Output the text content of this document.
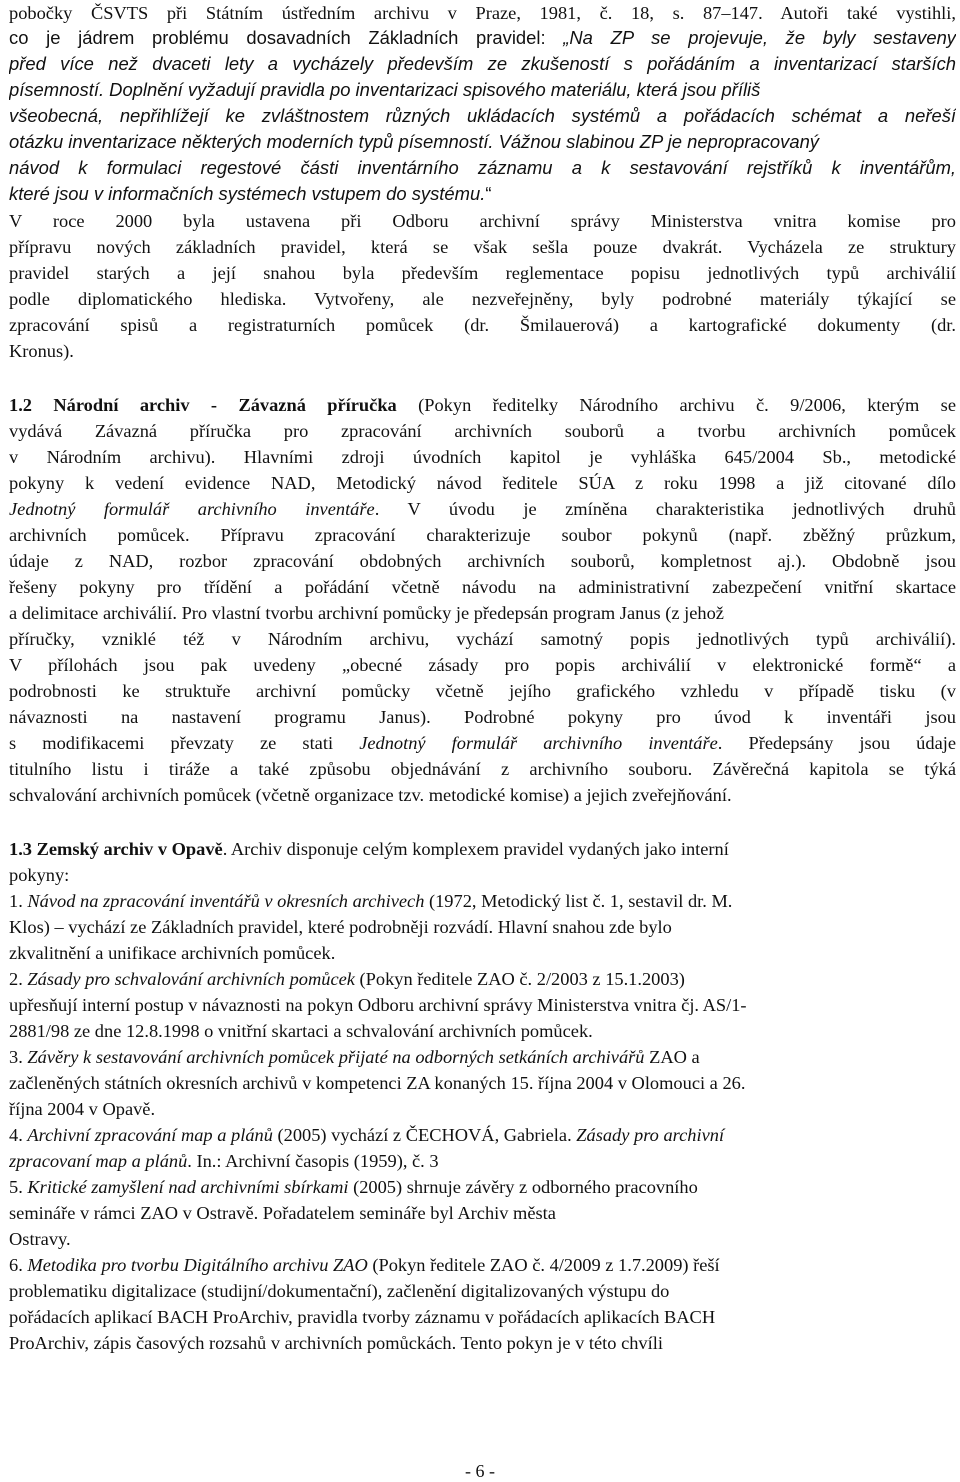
pobočky ČSVTS při Státním ústředním archivu v Praze, 1981, č. 18, s. 87–147. Autoři také vystihli,
co je jádrem problému dosavadních Základních pravidel: „Na ZP se projevuje, že byly sestaveny
před více než dvaceti lety a vycházely především ze zkušeností s pořádáním a inventarizací starších
písemností. Doplnění vyžadují pravidla po inventarizaci spisového materiálu, která jsou příliš
všeobecná, nepřihlížejí ke zvláštnostem různých ukládacích systémů a pořádacích schémat a neřeší
otázku inventarizace některých moderních typů písemností. Vážnou slabinou ZP je nepropracovaný
návod k formulaci regestové části inventárního záznamu a k sestavování rejstříků k inventářům,
které jsou v informačních systémech vstupem do systému.“
V roce 2000 byla ustavena při Odboru archivní správy Ministerstva vnitra komise pro
přípravu nových základních pravidel, která se však sešla pouze dvakrát. Vycházela ze struktury
pravidel starých a její snahou byla především reglementace popisu jednotlivých typů archiválií
podle diplomatického hlediska. Vytvořeny, ale nezveřejněny, byly podrobné materiály týkající se
zpracování spisů a registraturních pomůcek (dr. Šmilauerová) a kartografické dokumenty (dr.
Kronus).
1.2 Národní archiv - Závazná příručka (Pokyn ředitelky Národního archivu č. 9/2006, kterým se
vydává Závazná příručka pro zpracování archivních souborů a tvorbu archivních pomůcek
v Národním archivu). Hlavními zdroji úvodních kapitol je vyhláška 645/2004 Sb., metodické
pokyny k vedení evidence NAD, Metodický návod ředitele SÚA z roku 1998 a již citované dílo
Jednotný formulář archivního inventáře. V úvodu je zmíněna charakteristika jednotlivých druhů
archivních pomůcek. Přípravu zpracování charakterizuje soubor pokynů (např. zběžný průzkum,
údaje z NAD, rozbor zpracování obdobných archivních souborů, kompletnost aj.). Obdobně jsou
řešeny pokyny pro třídění a pořádání včetně návodu na administrativní zabezpečení vnitřní skartace
a delimitace archiválií. Pro vlastní tvorbu archivní pomůcky je předepsán program Janus (z jehož
příručky, vzniklé též v Národním archivu, vychází samotný popis jednotlivých typů archiválií).
V přílohách jsou pak uvedeny „obecné zásady pro popis archiválií v elektronické formě“ a
podrobnosti ke struktuře archivní pomůcky včetně jejího grafického vzhledu v případě tisku (v
návaznosti na nastavení programu Janus). Podrobné pokyny pro úvod k inventáři jsou
s modifikacemi převzaty ze stati Jednotný formulář archivního inventáře. Předepsány jsou údaje
titulního listu i tiráže a také způsobu objednávání z archivního souboru. Závěrečná kapitola se týká
schvalování archivních pomůcek (včetně organizace tzv. metodické komise) a jejich zveřejňování.
1.3 Zemský archiv v Opavě. Archiv disponuje celým komplexem pravidel vydaných jako interní
pokyny:
1. Návod na zpracování inventářů v okresních archivech (1972, Metodický list č. 1, sestavil dr. M.
Klos) – vychází ze Základních pravidel, které podrobněji rozvádí. Hlavní snahou zde bylo
zkvalitnění a unifikace archivních pomůcek.
2. Zásady pro schvalování archivních pomůcek (Pokyn ředitele ZAO č. 2/2003 z 15.1.2003)
upřesňují interní postup v návaznosti na pokyn Odboru archivní správy Ministerstva vnitra čj. AS/1-
2881/98 ze dne 12.8.1998 o vnitřní skartaci a schvalování archivních pomůcek.
3. Závěry k sestavování archivních pomůcek přijaté na odborných setkáních archivářů ZAO a
začleněných státních okresních archivů v kompetenci ZA konaných 15. října 2004 v Olomouci a 26.
října 2004 v Opavě.
4. Archivní zpracování map a plánů (2005) vychází z ČECHOVÁ, Gabriela. Zásady pro archivní
zpracovaní map a plánů. In.: Archivní časopis (1959), č. 3
5. Kritické zamyšlení nad archivními sbírkami (2005) shrnuje závěry z odborného pracovního
semináře v rámci ZAO v Ostravě. Pořadatelem semináře byl Archiv města
Ostravy.
6. Metodika pro tvorbu Digitálního archivu ZAO (Pokyn ředitele ZAO č. 4/2009 z 1.7.2009) řeší
problematiku digitalizace (studijní/dokumentační), začlenění digitalizovaných výstupu do
pořádacích aplikací BACH ProArchiv, pravidla tvorby záznamu v pořádacích aplikacích BACH
ProArchiv, zápis časových rozsahů v archivních pomůckách. Tento pokyn je v této chvíli
- 6 -
